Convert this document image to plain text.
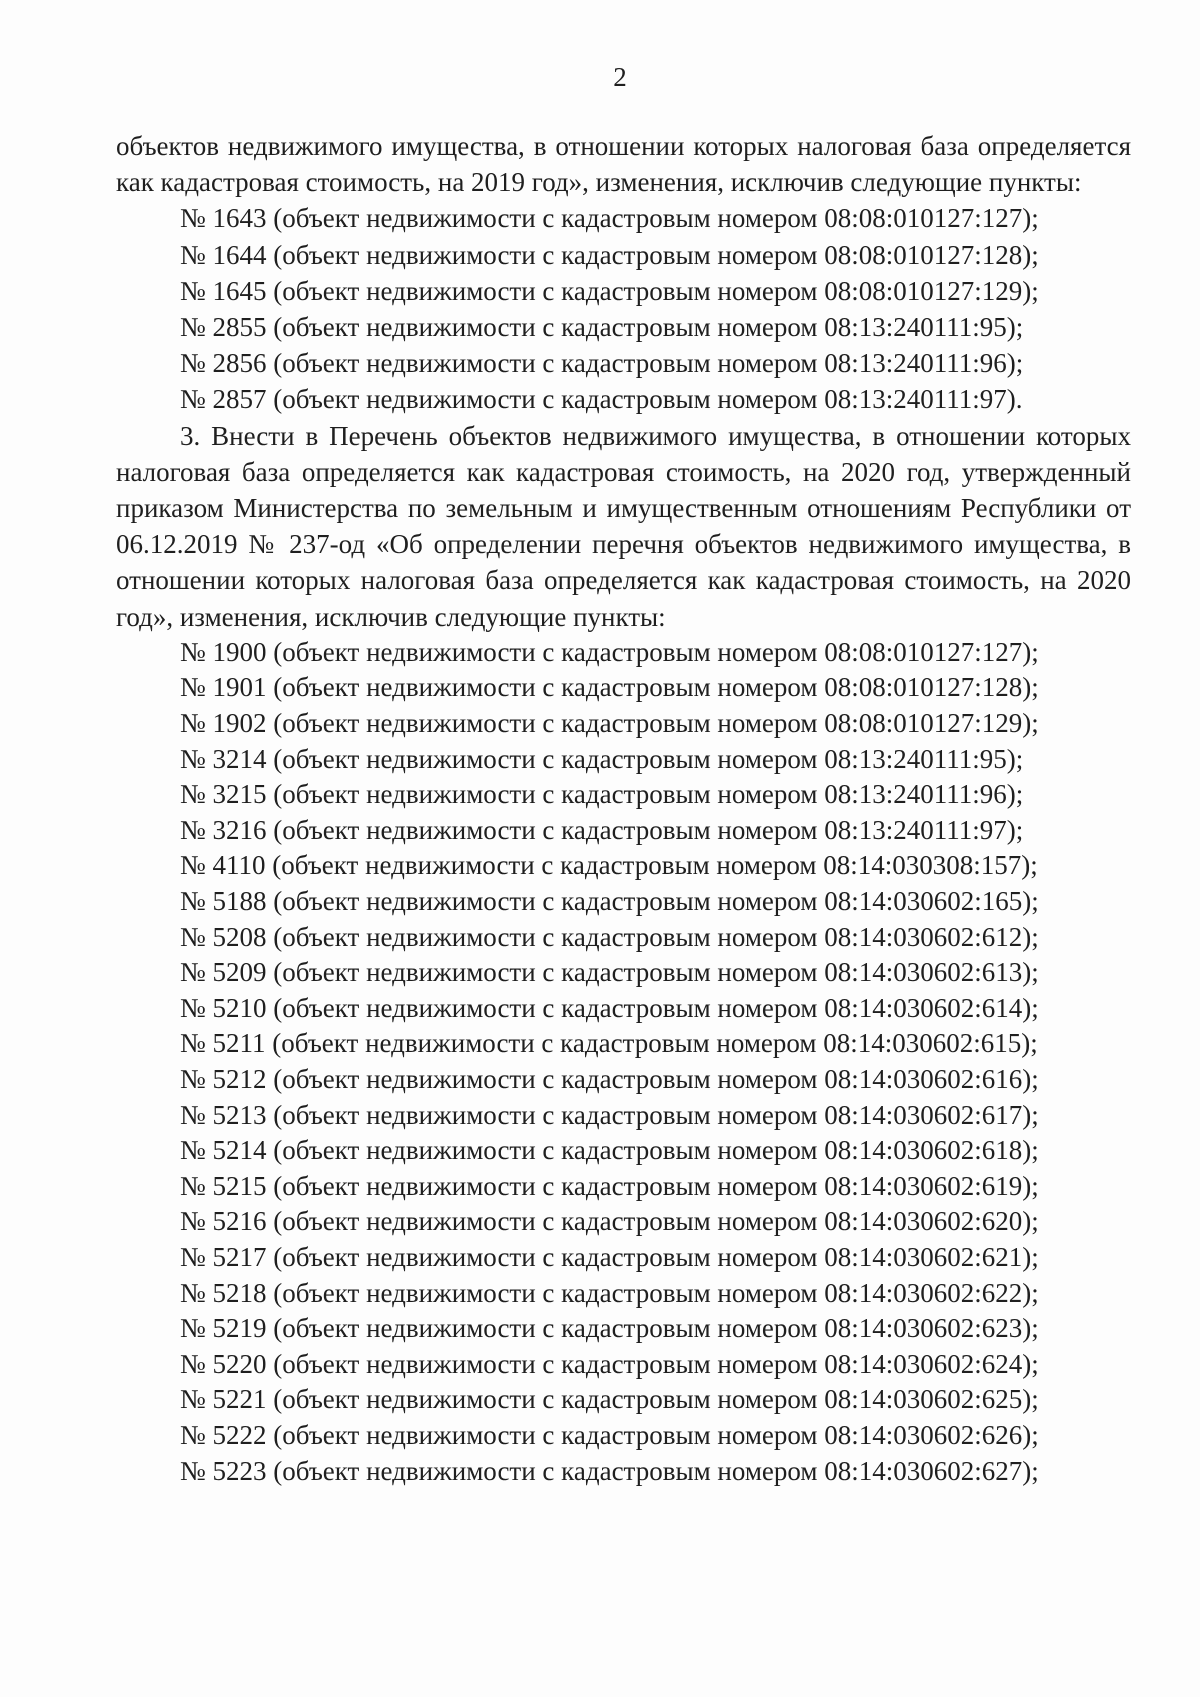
2

объектов недвижимого имущества, в отношении которых налоговая база определяется как кадастровая стоимость, на 2019 год», изменения, исключив следующие пункты:

№ 1643 (объект недвижимости с кадастровым номером 08:08:010127:127);
№ 1644 (объект недвижимости с кадастровым номером 08:08:010127:128);
№ 1645 (объект недвижимости с кадастровым номером 08:08:010127:129);
№ 2855 (объект недвижимости с кадастровым номером 08:13:240111:95);
№ 2856 (объект недвижимости с кадастровым номером 08:13:240111:96);
№ 2857 (объект недвижимости с кадастровым номером 08:13:240111:97).

3. Внести в Перечень объектов недвижимого имущества, в отношении которых налоговая база определяется как кадастровая стоимость, на 2020 год, утвержденный приказом Министерства по земельным и имущественным отношениям Республики от 06.12.2019 № 237-од «Об определении перечня объектов недвижимого имущества, в отношении которых налоговая база определяется как кадастровая стоимость, на 2020 год», изменения, исключив следующие пункты:

№ 1900 (объект недвижимости с кадастровым номером 08:08:010127:127);
№ 1901 (объект недвижимости с кадастровым номером 08:08:010127:128);
№ 1902 (объект недвижимости с кадастровым номером 08:08:010127:129);
№ 3214 (объект недвижимости с кадастровым номером 08:13:240111:95);
№ 3215 (объект недвижимости с кадастровым номером 08:13:240111:96);
№ 3216 (объект недвижимости с кадастровым номером 08:13:240111:97);
№ 4110 (объект недвижимости с кадастровым номером 08:14:030308:157);
№ 5188 (объект недвижимости с кадастровым номером 08:14:030602:165);
№ 5208 (объект недвижимости с кадастровым номером 08:14:030602:612);
№ 5209 (объект недвижимости с кадастровым номером 08:14:030602:613);
№ 5210 (объект недвижимости с кадастровым номером 08:14:030602:614);
№ 5211 (объект недвижимости с кадастровым номером 08:14:030602:615);
№ 5212 (объект недвижимости с кадастровым номером 08:14:030602:616);
№ 5213 (объект недвижимости с кадастровым номером 08:14:030602:617);
№ 5214 (объект недвижимости с кадастровым номером 08:14:030602:618);
№ 5215 (объект недвижимости с кадастровым номером 08:14:030602:619);
№ 5216 (объект недвижимости с кадастровым номером 08:14:030602:620);
№ 5217 (объект недвижимости с кадастровым номером 08:14:030602:621);
№ 5218 (объект недвижимости с кадастровым номером 08:14:030602:622);
№ 5219 (объект недвижимости с кадастровым номером 08:14:030602:623);
№ 5220 (объект недвижимости с кадастровым номером 08:14:030602:624);
№ 5221 (объект недвижимости с кадастровым номером 08:14:030602:625);
№ 5222 (объект недвижимости с кадастровым номером 08:14:030602:626);
№ 5223 (объект недвижимости с кадастровым номером 08:14:030602:627);
